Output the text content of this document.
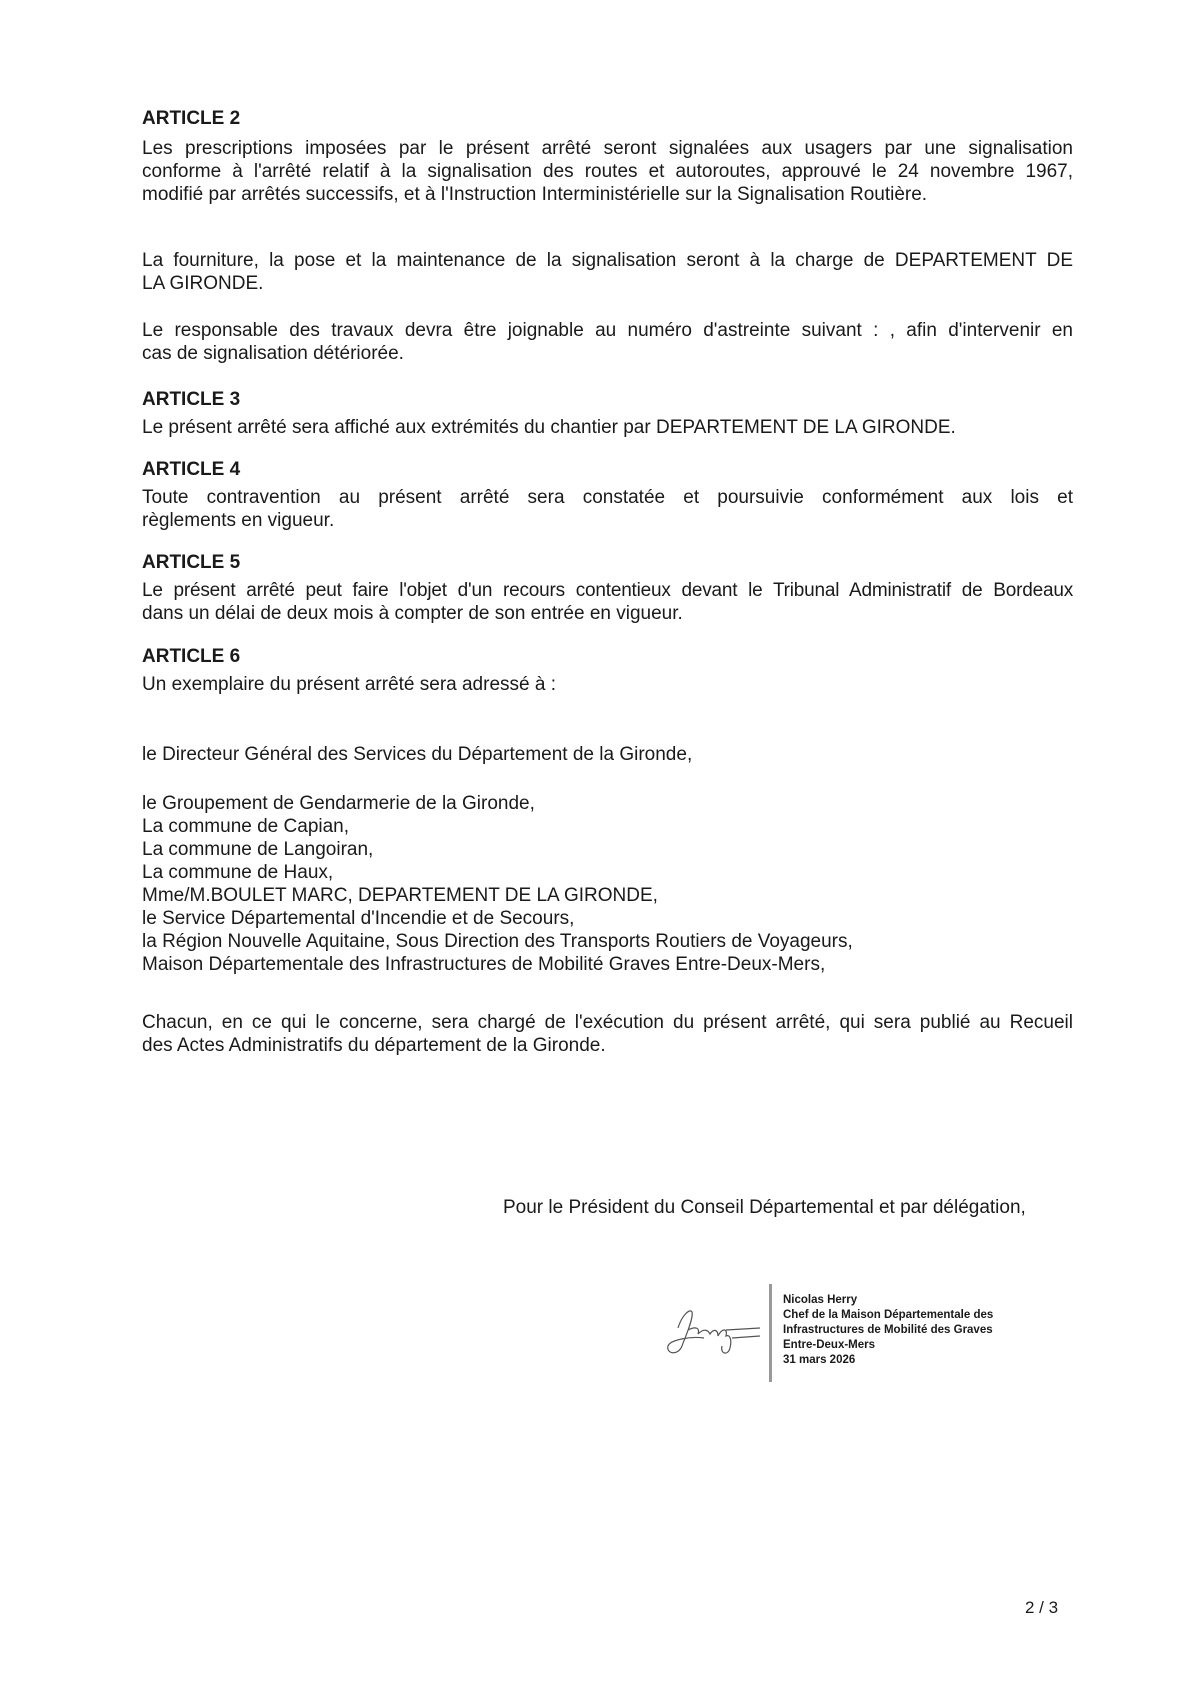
ARTICLE 2
Les prescriptions imposées par le présent arrêté seront signalées aux usagers par une signalisation
conforme à l'arrêté relatif à la signalisation des routes et autoroutes, approuvé le 24 novembre 1967,
modifié par arrêtés successifs, et à l'Instruction Interministérielle sur la Signalisation Routière.
La fourniture, la pose et la maintenance de la signalisation seront à la charge de DEPARTEMENT DE
LA GIRONDE.
Le responsable des travaux devra être joignable au numéro d'astreinte suivant : , afin d'intervenir en
cas de signalisation détériorée.
ARTICLE 3
Le présent arrêté sera affiché aux extrémités du chantier par DEPARTEMENT DE LA GIRONDE.
ARTICLE 4
Toute contravention au présent arrêté sera constatée et poursuivie conformément aux lois et
règlements en vigueur.
ARTICLE 5
Le présent arrêté peut faire l'objet d'un recours contentieux devant le Tribunal Administratif de Bordeaux
dans un délai de deux mois à compter de son entrée en vigueur.
ARTICLE 6
Un exemplaire du présent arrêté sera adressé à :
le Directeur Général des Services du Département de la Gironde,
le Groupement de Gendarmerie de la Gironde,
La commune de Capian,
La commune de Langoiran,
La commune de Haux,
Mme/M.BOULET MARC, DEPARTEMENT DE LA GIRONDE,
le Service Départemental d'Incendie et de Secours,
la Région Nouvelle Aquitaine, Sous Direction des Transports Routiers de Voyageurs,
Maison Départementale des Infrastructures de Mobilité Graves Entre-Deux-Mers,
Chacun, en ce qui le concerne, sera chargé de l'exécution du présent arrêté, qui sera publié au Recueil
des Actes Administratifs du département de la Gironde.
Pour le Président du Conseil Départemental et par délégation,
Nicolas Herry
Chef de la Maison Départementale des
Infrastructures de Mobilité des Graves
Entre-Deux-Mers
31 mars 2026
2 / 3
